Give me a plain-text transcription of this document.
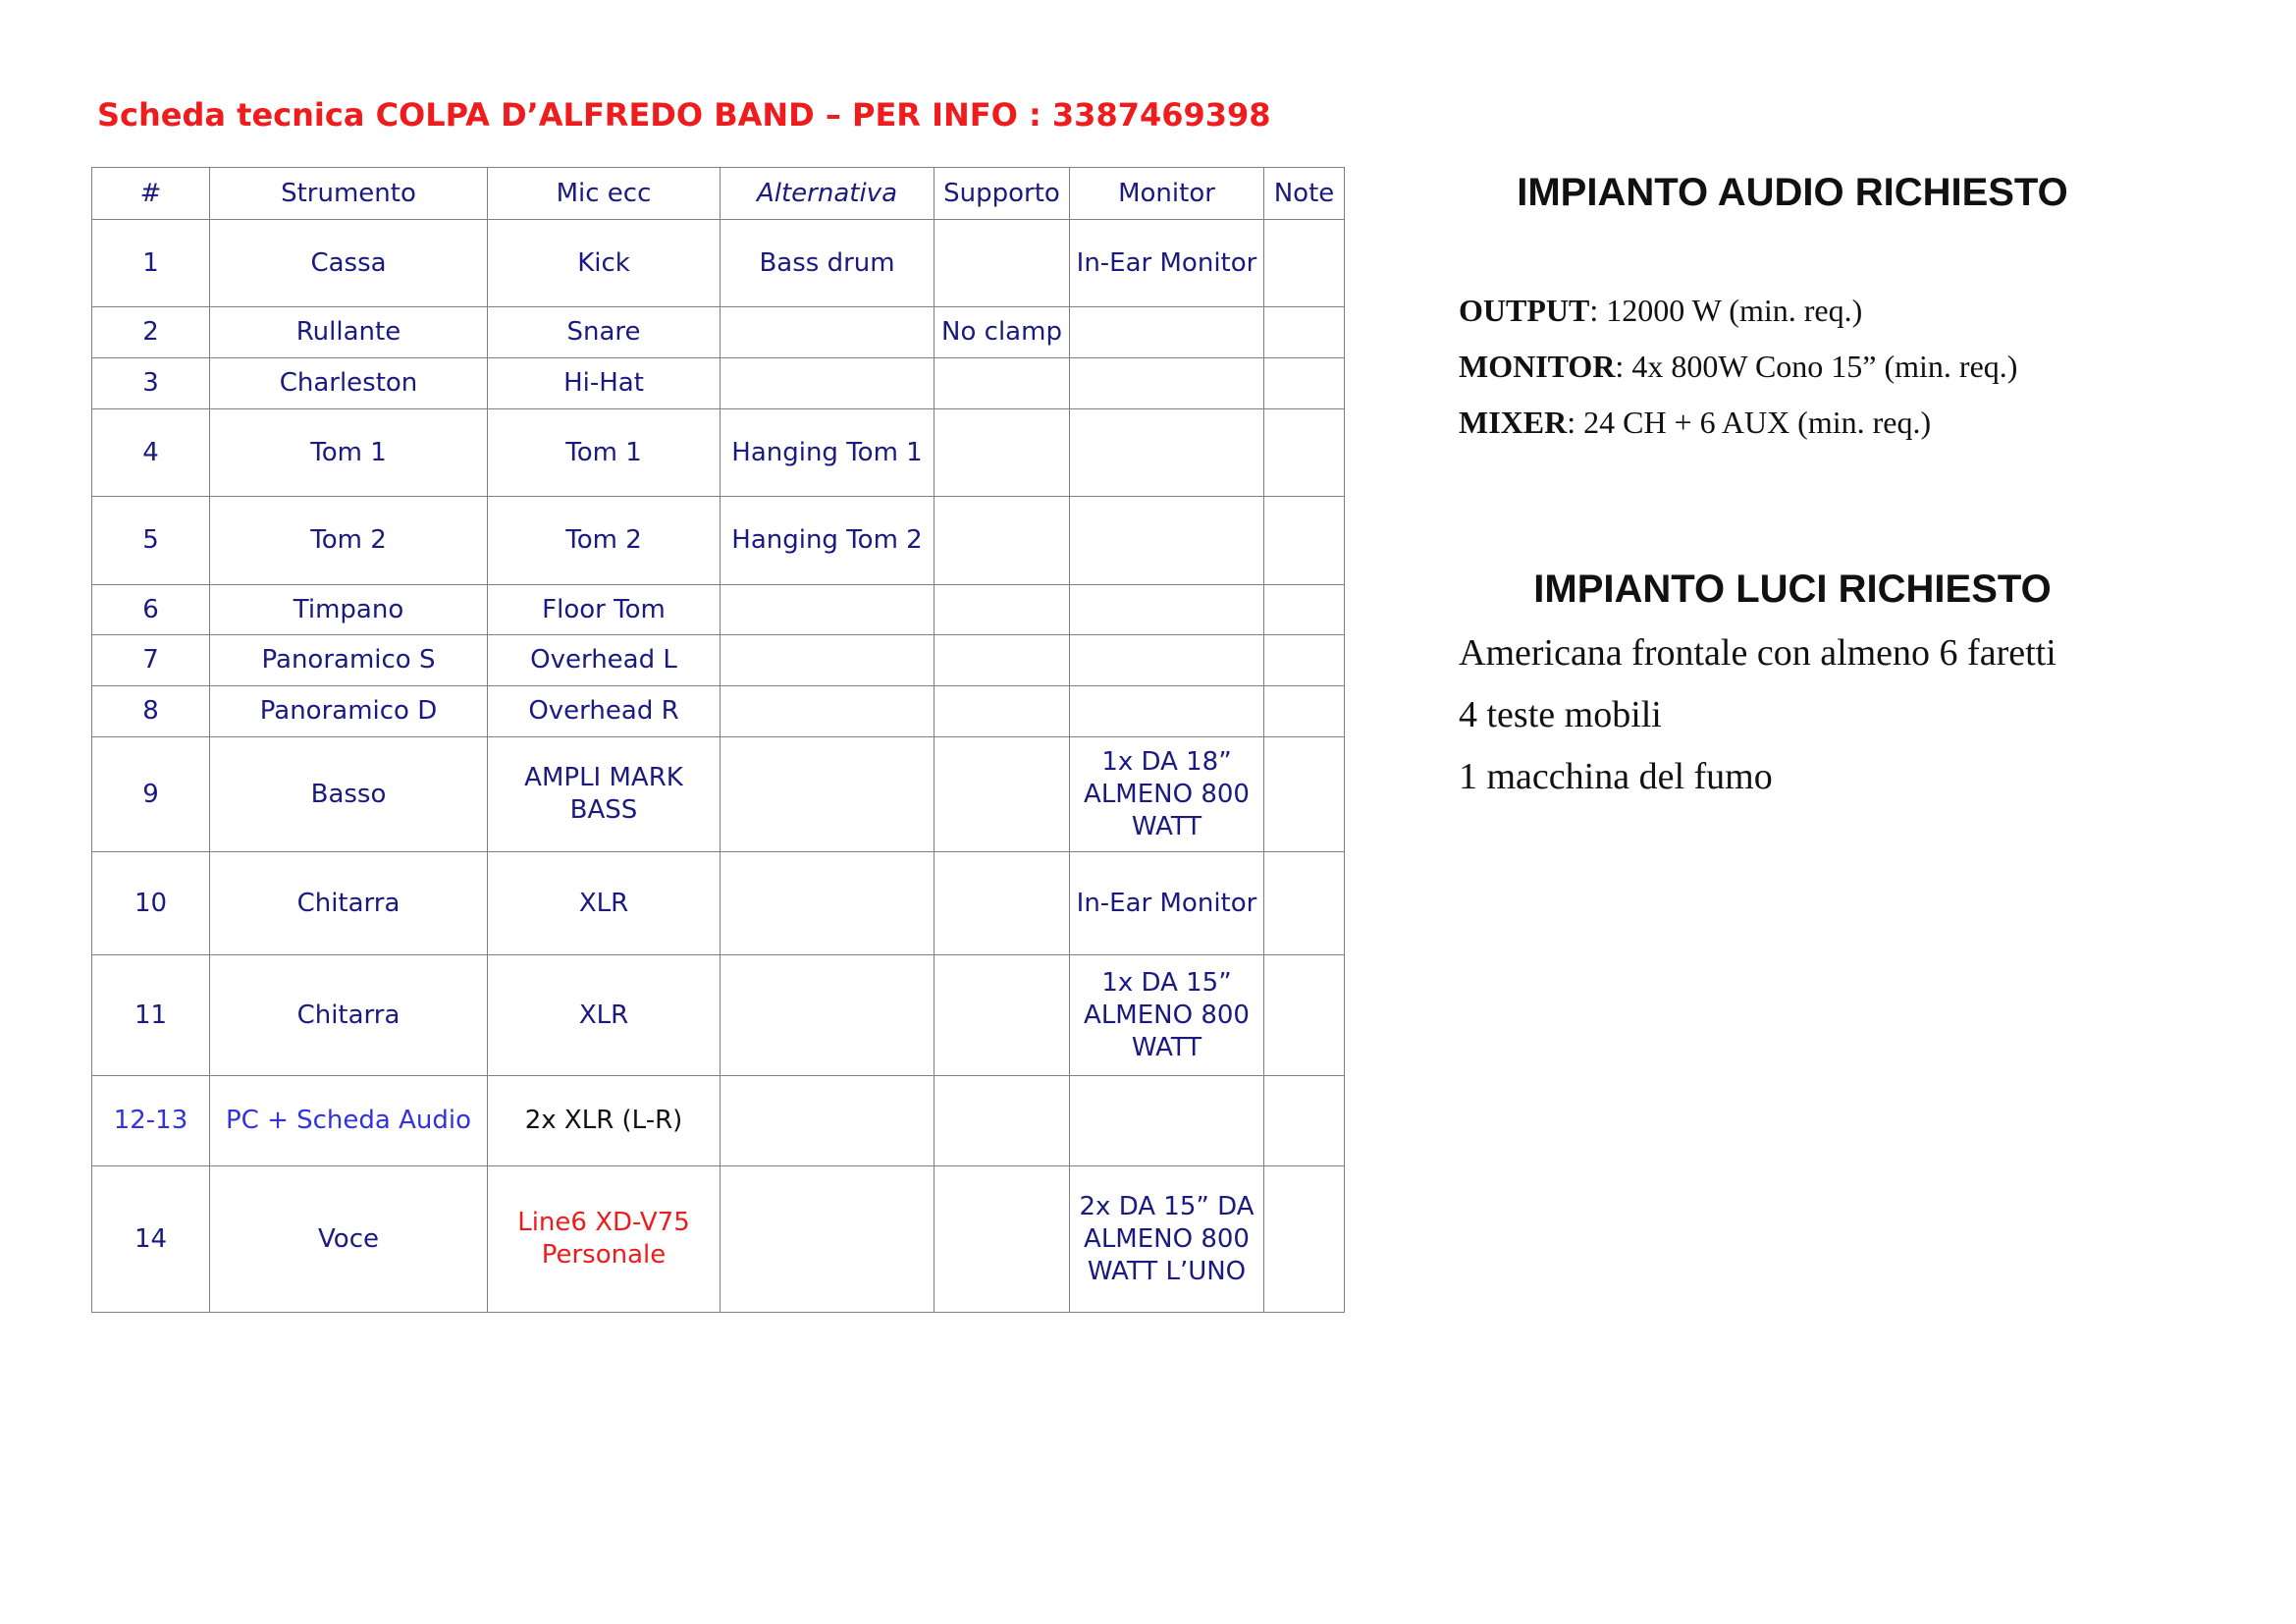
Scheda tecnica COLPA D’ALFREDO BAND – PER INFO : 3387469398
#	Strumento	Mic ecc	Alternativa	Supporto	Monitor	Note
1	Cassa	Kick	Bass drum		In-Ear Monitor	
2	Rullante	Snare		No clamp		
3	Charleston	Hi-Hat				
4	Tom 1	Tom 1	Hanging Tom 1			
5	Tom 2	Tom 2	Hanging Tom 2			
6	Timpano	Floor Tom				
7	Panoramico S	Overhead L				
8	Panoramico D	Overhead R				
9	Basso	AMPLI MARK BASS			1x DA 18” ALMENO 800 WATT	
10	Chitarra	XLR			In-Ear Monitor	
11	Chitarra	XLR			1x DA 15” ALMENO 800 WATT	
12-13	PC + Scheda Audio	2x XLR (L-R)				
14	Voce	Line6 XD-V75 Personale			2x DA 15” DA ALMENO 800 WATT L’UNO	
IMPIANTO AUDIO RICHIESTO
OUTPUT: 12000 W (min. req.)
MONITOR: 4x 800W Cono 15” (min. req.)
MIXER: 24 CH + 6 AUX (min. req.)
IMPIANTO LUCI RICHIESTO
Americana frontale con almeno 6 faretti
4 teste mobili
1 macchina del fumo
